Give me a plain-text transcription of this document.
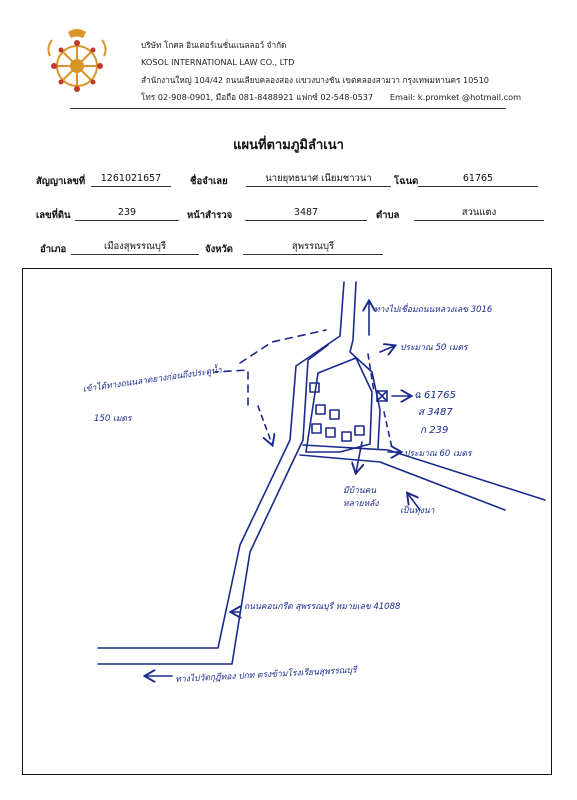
บริษัท โกศล อินเตอร์เนชั่นแนลลอว์ จำกัด
KOSOL INTERNATIONAL LAW CO., LTD
สำนักงานใหญ่ 104/42 ถนนเลียบคลองสอง แขวงบางชัน เขตคลองสามวา กรุงเทพมหานคร 10510
โทร 02-908-0901, มือถือ 081-8488921 แฟกซ์ 02-548-0537 Email: k.promket @hotmail.com
แผนที่ตามภูมิลำเนา
สัญญาเลขที่	1261021657	ชื่อจำเลย	นายยุทธนาศ เนียมชาวนา	โฉนด	61765
เลขที่ดิน	239	หน้าสำรวจ	3487	ตำบล	สวนแตง
อำเภอ	เมืองสุพรรณบุรี	จังหวัด	สุพรรณบุรี
ทางไปเชื่อมถนนหลวงเลข 3016
ประมาณ 50 เมตร
ฉ 61765
ส 3487
ก 239
ประมาณ 60 เมตร
เข้าได้ทางถนนลาดยางก่อนถึงประตูน้ำ
150 เมตร
มีบ้านคน
หลายหลัง
เป็นทุ่งนา
ถนนคอนกรีต สุพรรณบุรี หมายเลข 41088
ทางไปวัดกุฎีทอง ปกท ตรงข้ามโรงเรียนสุพรรณบุรี
